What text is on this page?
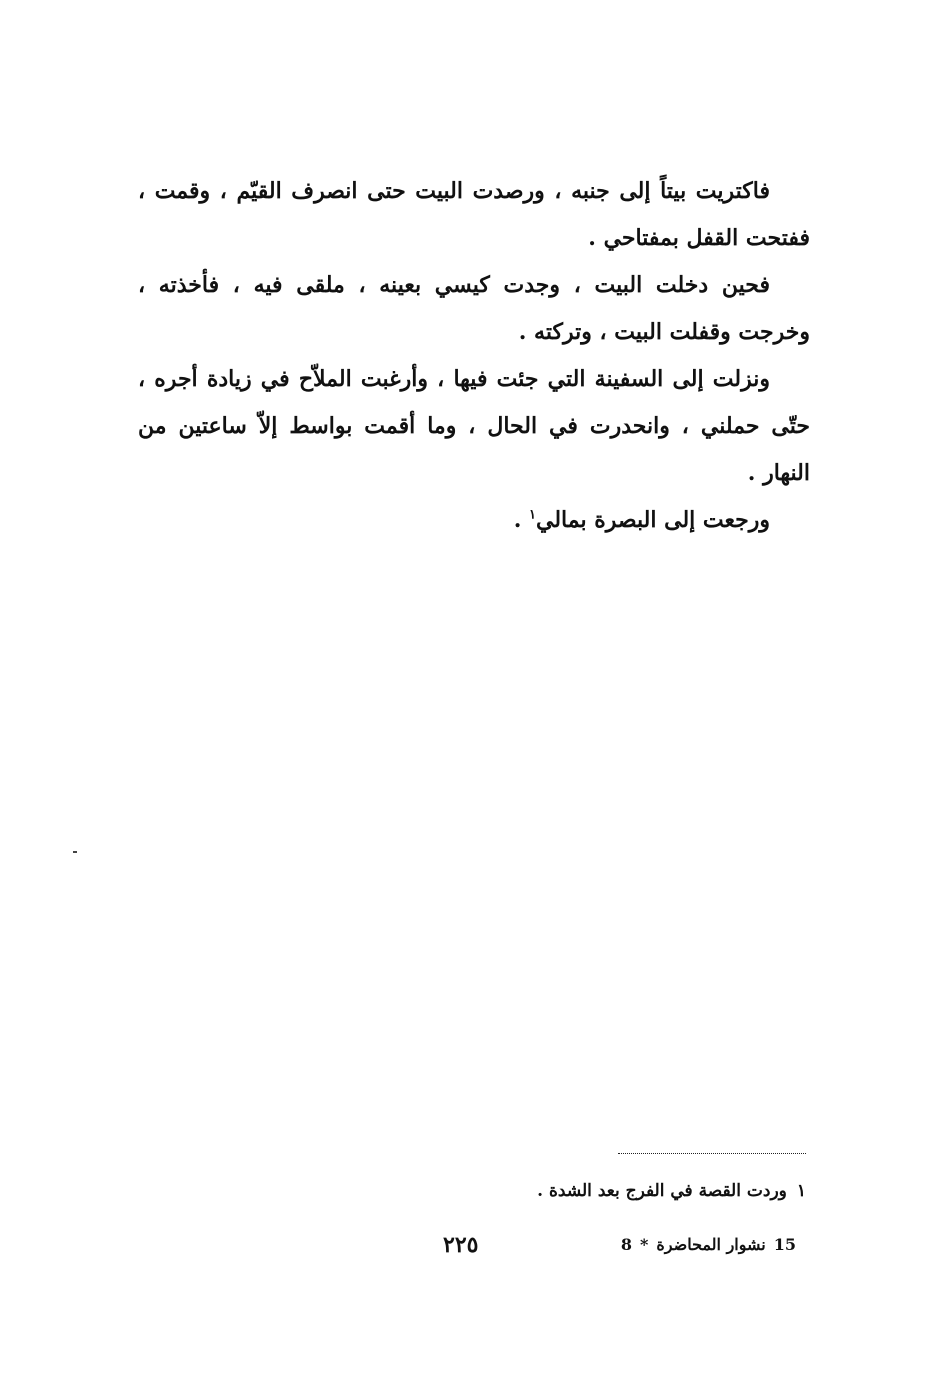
فاكتريت بيتاً إلى جنبه ، ورصدت البيت حتى انصرف القيّم ، وقمت ، ففتحت القفل بمفتاحي .

فحين دخلت البيت ، وجدت كيسي بعينه ، ملقى فيه ، فأخذته ، وخرجت وقفلت البيت ، وتركته .

ونزلت إلى السفينة التي جئت فيها ، وأرغبت الملاّح في زيادة أجره ، حتّى حملني ، وانحدرت في الحال ، وما أقمت بواسط إلاّ ساعتين من النهار .

ورجعت إلى البصرة بمالي$^١$ .

١وردت القصة في الفرج بعد الشدة .
٢٢٥	15نشوار المحاضرة*8
